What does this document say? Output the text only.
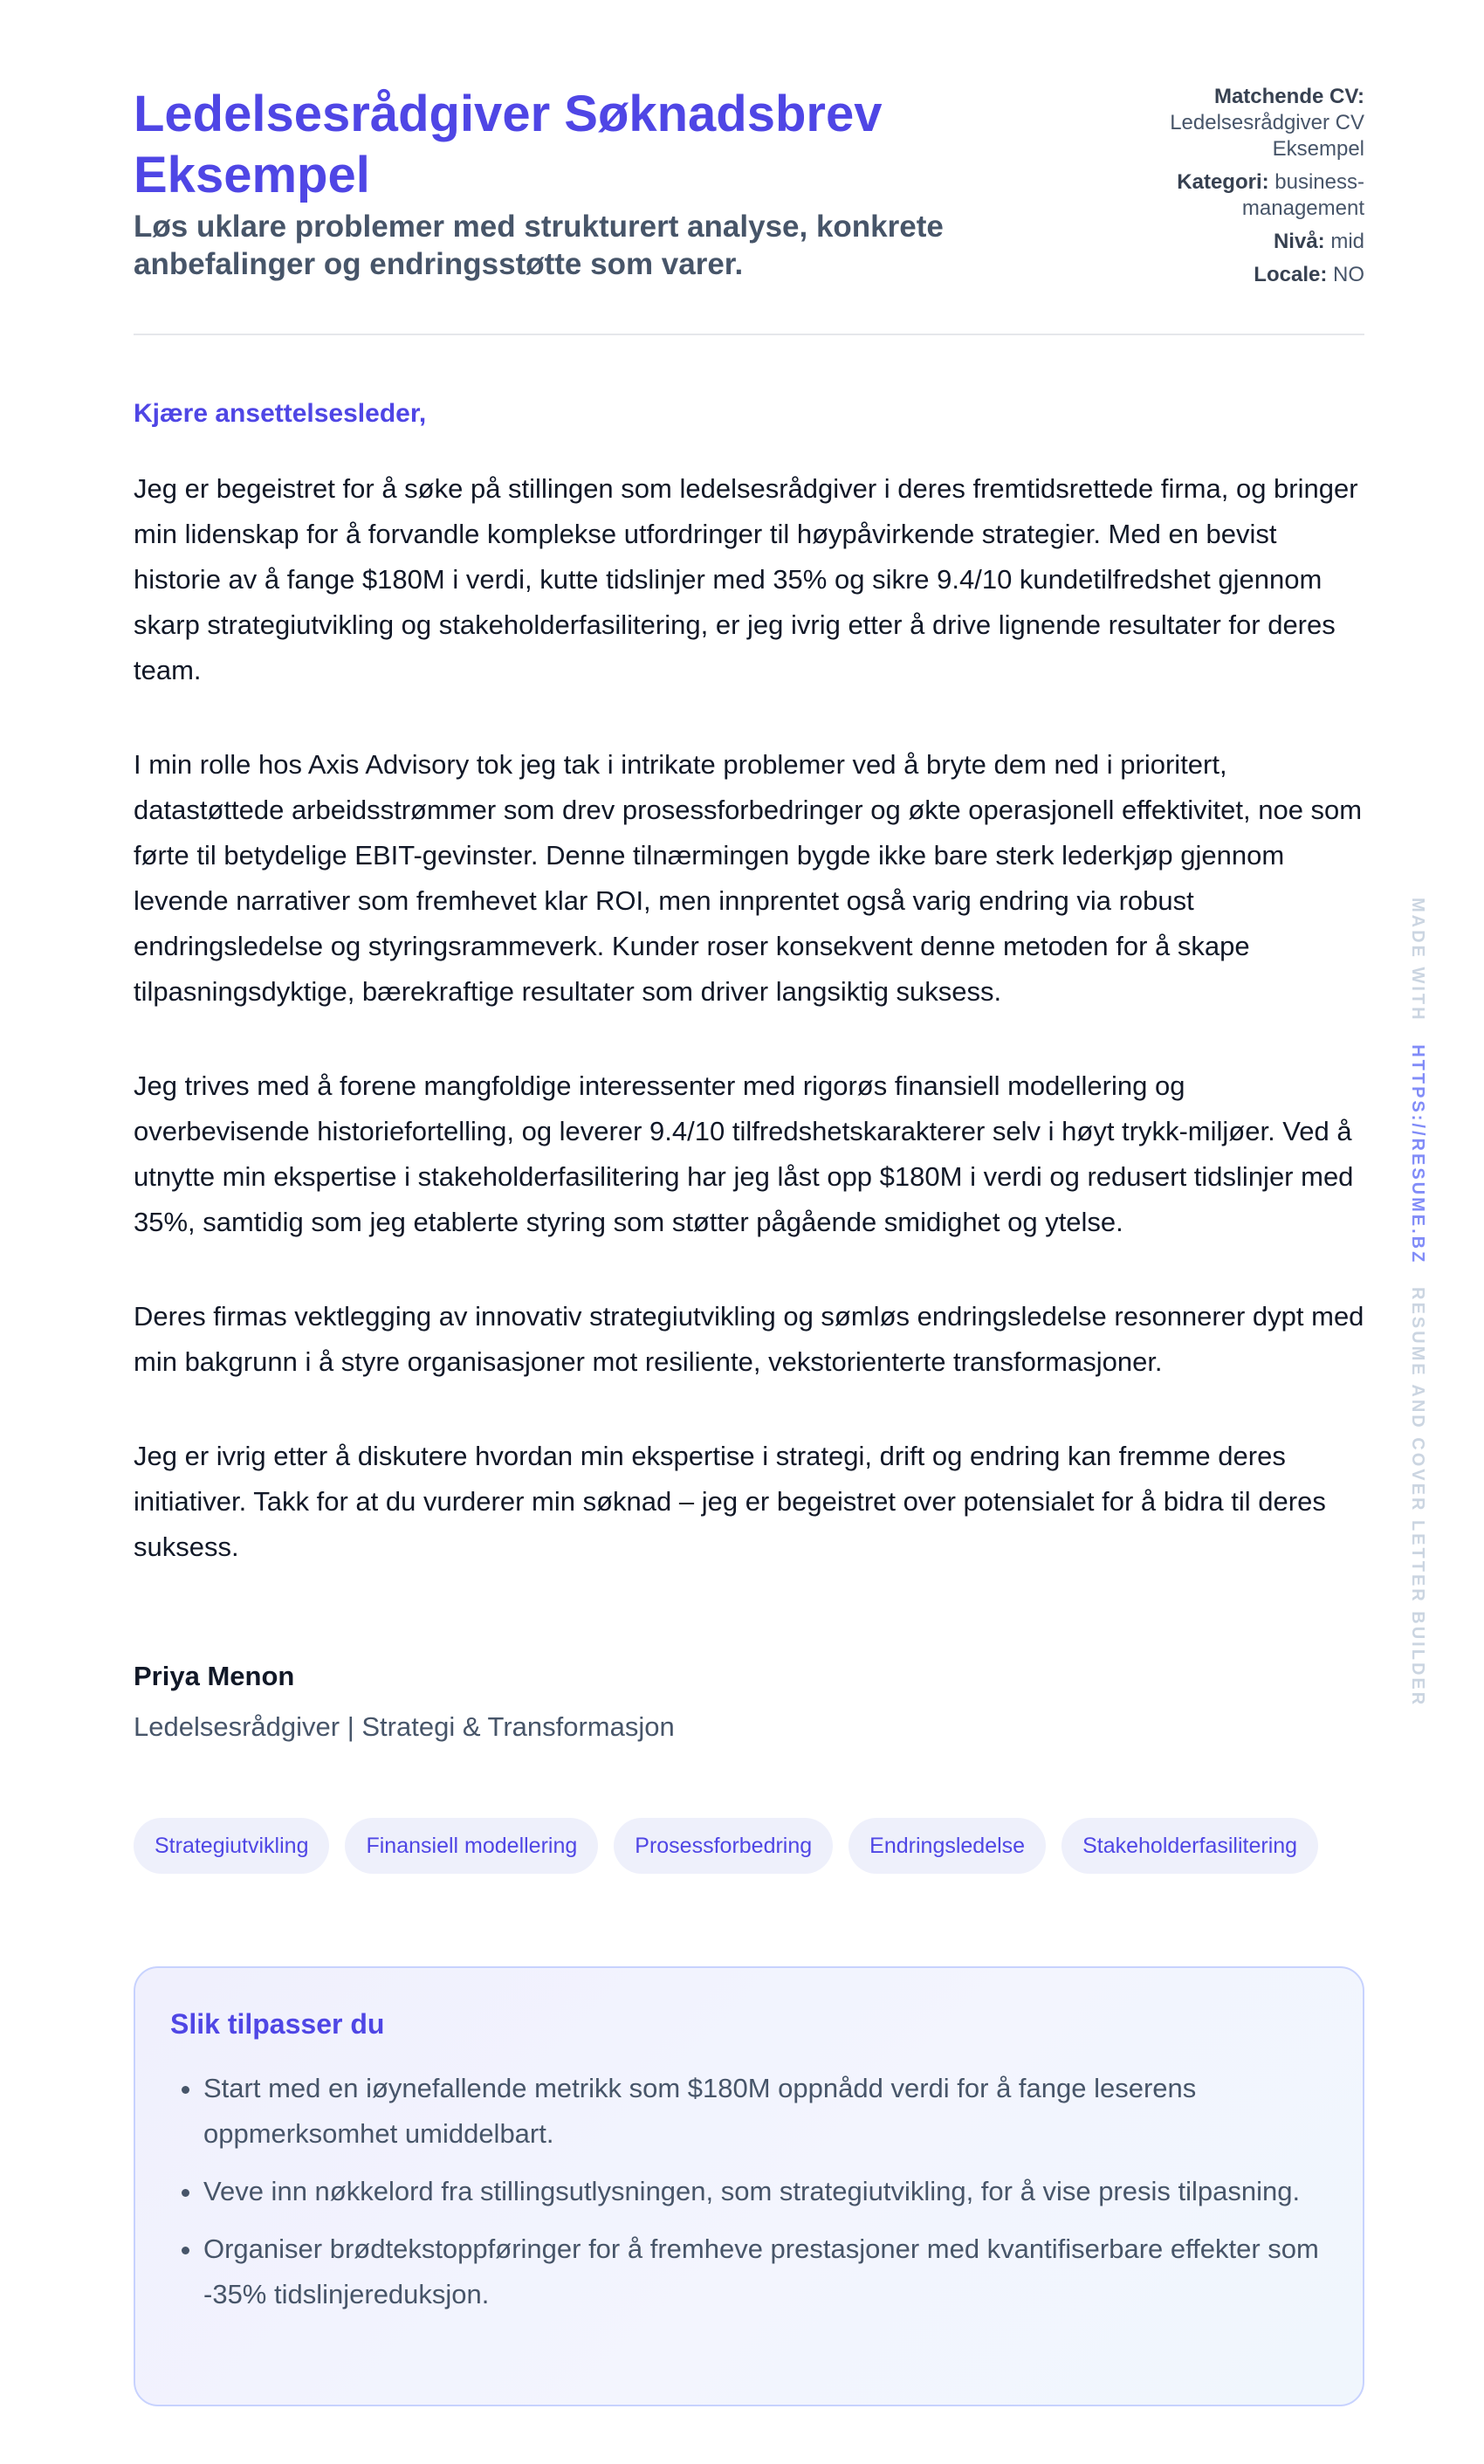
Ledelsesrådgiver Søknadsbrev Eksempel

Løs uklare problemer med strukturert analyse, konkrete anbefalinger og endringsstøtte som varer.

Matchende CV:
Ledelsesrådgiver CV Eksempel
Kategori: business-management
Nivå: mid
Locale: NO

Kjære ansettelsesleder,

Jeg er begeistret for å søke på stillingen som ledelsesrådgiver i deres fremtidsrettede firma, og bringer min lidenskap for å forvandle komplekse utfordringer til høypåvirkende strategier. Med en bevist historie av å fange $180M i verdi, kutte tidslinjer med 35% og sikre 9.4/10 kundetilfredshet gjennom skarp strategiutvikling og stakeholderfasilitering, er jeg ivrig etter å drive lignende resultater for deres team.

I min rolle hos Axis Advisory tok jeg tak i intrikate problemer ved å bryte dem ned i prioritert, datastøttede arbeidsstrømmer som drev prosessforbedringer og økte operasjonell effektivitet, noe som førte til betydelige EBIT-gevinster. Denne tilnærmingen bygde ikke bare sterk lederkjøp gjennom levende narrativer som fremhevet klar ROI, men innprentet også varig endring via robust endringsledelse og styringsrammeverk. Kunder roser konsekvent denne metoden for å skape tilpasningsdyktige, bærekraftige resultater som driver langsiktig suksess.

Jeg trives med å forene mangfoldige interessenter med rigorøs finansiell modellering og overbevisende historiefortelling, og leverer 9.4/10 tilfredshetskarakterer selv i høyt trykk-miljøer. Ved å utnytte min ekspertise i stakeholderfasilitering har jeg låst opp $180M i verdi og redusert tidslinjer med 35%, samtidig som jeg etablerte styring som støtter pågående smidighet og ytelse.

Deres firmas vektlegging av innovativ strategiutvikling og sømløs endringsledelse resonnerer dypt med min bakgrunn i å styre organisasjoner mot resiliente, vekstorienterte transformasjoner.

Jeg er ivrig etter å diskutere hvordan min ekspertise i strategi, drift og endring kan fremme deres initiativer. Takk for at du vurderer min søknad – jeg er begeistret over potensialet for å bidra til deres suksess.

Priya Menon

Ledelsesrådgiver | Strategi & Transformasjon

Strategiutvikling	Finansiell modellering	Prosessforbedring	Endringsledelse	Stakeholderfasilitering
Slik tilpasser du
• Start med en iøynefallende metrikk som $180M oppnådd verdi for å fange leserens oppmerksomhet umiddelbart.
• Veve inn nøkkelord fra stillingsutlysningen, som strategiutvikling, for å vise presis tilpasning.
• Organiser brødtekstoppføringer for å fremheve prestasjoner med kvantifiserbare effekter som -35% tidslinjereduksjon.
MADE WITH   HTTPS://RESUME.BZ   RESUME AND COVER LETTER BUILDER
